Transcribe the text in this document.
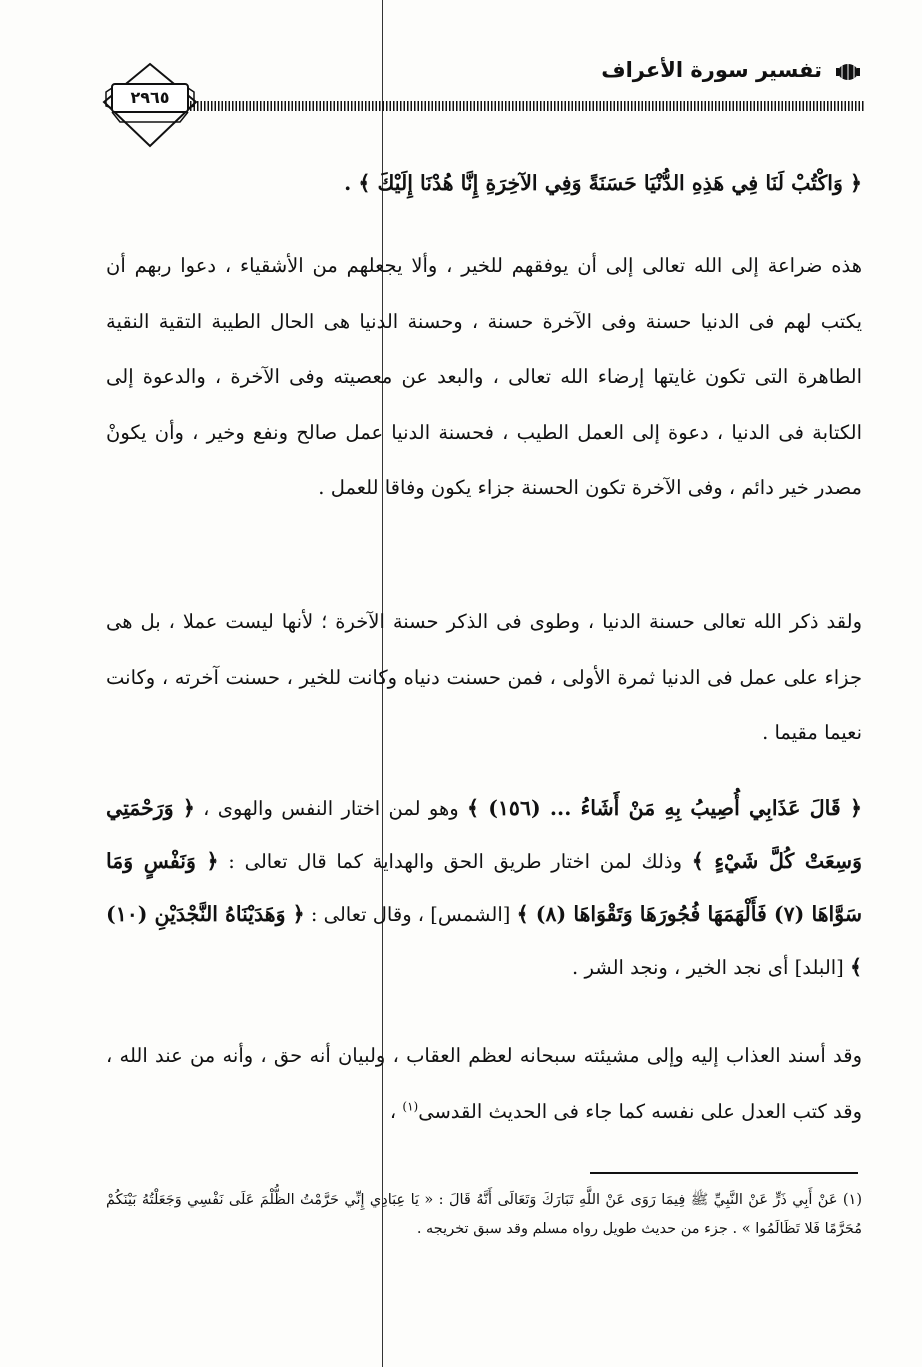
تفسير سورة الأعراف
٢٩٦٥
﴿ وَاكْتُبْ لَنَا فِي هَذِهِ الدُّنْيَا حَسَنَةً وَفِي الآخِرَةِ إِنَّا هُدْنَا إِلَيْكَ ﴾ .
هذه ضراعة إلى الله تعالى إلى أن يوفقهم للخير ، وألا يجعلهم من الأشقياء ، دعوا ربهم أن يكتب لهم فى الدنيا حسنة وفى الآخرة حسنة ، وحسنة الدنيا هى الحال الطيبة التقية النقية الطاهرة التى تكون غايتها إرضاء الله تعالى ، والبعد عن معصيته وفى الآخرة ، والدعوة إلى الكتابة فى الدنيا ، دعوة إلى العمل الطيب ، فحسنة الدنيا عمل صالح ونفع وخير ، وأن يكونْ مصدر خير دائم ، وفى الآخرة تكون الحسنة جزاء يكون وفاقا للعمل .
ولقد ذكر الله تعالى حسنة الدنيا ، وطوى فى الذكر حسنة الآخرة ؛ لأنها ليست عملا ، بل هى جزاء على عمل فى الدنيا ثمرة الأولى ، فمن حسنت دنياه وكانت للخير ، حسنت آخرته ، وكانت نعيما مقيما .
﴿ قَالَ عَذَابِي أُصِيبُ بِهِ مَنْ أَشَاءُ ... (١٥٦) ﴾ وهو لمن اختار النفس والهوى ، ﴿ وَرَحْمَتِي وَسِعَتْ كُلَّ شَيْءٍ ﴾ وذلك لمن اختار طريق الحق والهداية كما قال تعالى : ﴿ وَنَفْسٍ وَمَا سَوَّاهَا (٧) فَأَلْهَمَهَا فُجُورَهَا وَتَقْوَاهَا (٨) ﴾ [الشمس] ، وقال تعالى : ﴿ وَهَدَيْنَاهُ النَّجْدَيْنِ (١٠) ﴾ [البلد] أى نجد الخير ، ونجد الشر .
وقد أسند العذاب إليه وإلى مشيئته سبحانه لعظم العقاب ، ولبيان أنه حق ، وأنه من عند الله ، وقد كتب العدل على نفسه كما جاء فى الحديث القدسى$^{(١)}$ ،
(١) عَنْ أَبِي ذَرٍّ عَنْ النَّبِيِّ ﷺ فِيمَا رَوَى عَنْ اللَّهِ تَبَارَكَ وَتَعَالَى أَنَّهُ قَالَ : « يَا عِبَادِي إِنِّي حَرَّمْتُ الظُّلْمَ عَلَى نَفْسِي وَجَعَلْتُهُ بَيْنَكُمْ مُحَرَّمًا فَلا تَظَالَمُوا » . جزء من حديث طويل رواه مسلم وقد سبق تخريجه .
